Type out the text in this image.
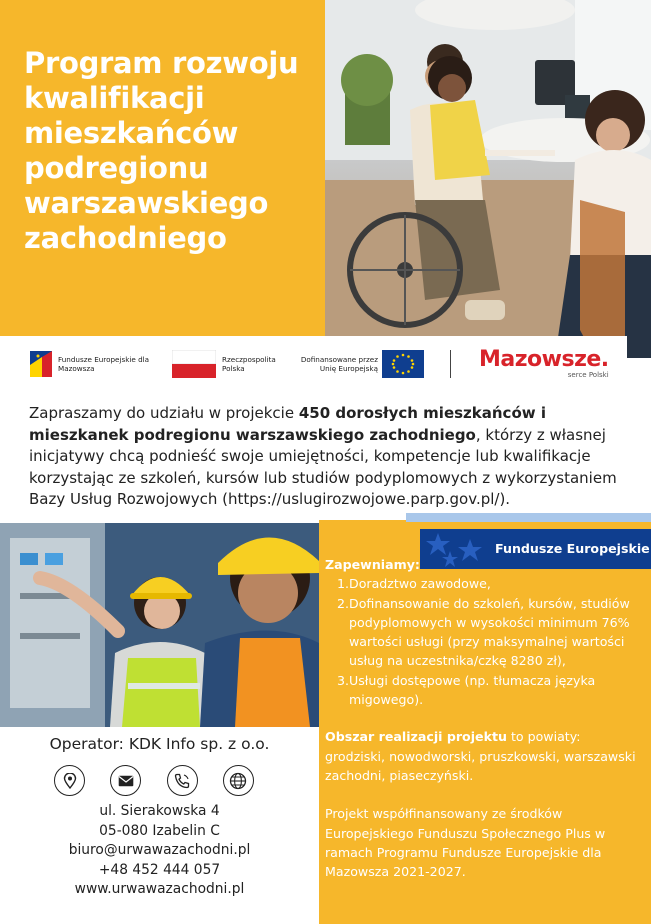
Program rozwoju kwalifikacji mieszkańców podregionu warszawskiego zachodniego
Fundusze Europejskie dla Mazowsza
Rzeczpospolita Polska
Dofinansowane przez Unię Europejską	Mazowsze.
serce Polski

Zapraszamy do udziału w projekcie 450 dorosłych mieszkańców i mieszkanek podregionu warszawskiego zachodniego, którzy z własnej inicjatywy chcą podnieść swoje umiejętności, kompetencje lub kwalifikacje korzystając ze szkoleń, kursów lub studiów podyplomowych z wykorzystaniem Bazy Usług Rozwojowych (https://uslugirozwojowe.parp.gov.pl/).

Operator: KDK Info sp. z o.o.
ul. Sierakowska 4
05-080 Izabelin C
biuro@urwawazachodni.pl
+48 452 444 057
www.urwawazachodni.pl
Fundusze Europejskie
Zapewniamy:
1. Doradztwo zawodowe,
2. Dofinansowanie do szkoleń, kursów, studiów podyplomowych w wysokości minimum 76% wartości usługi (przy maksymalnej wartości usług na uczestnika/czkę 8280 zł),
3. Usługi dostępowe (np. tłumacza języka migowego).

Obszar realizacji projektu to powiaty: grodziski, nowodworski, pruszkowski, warszawski zachodni, piaseczyński.

Projekt współfinansowany ze środków Europejskiego Funduszu Społecznego Plus w ramach Programu Fundusze Europejskie dla Mazowsza 2021-2027.
